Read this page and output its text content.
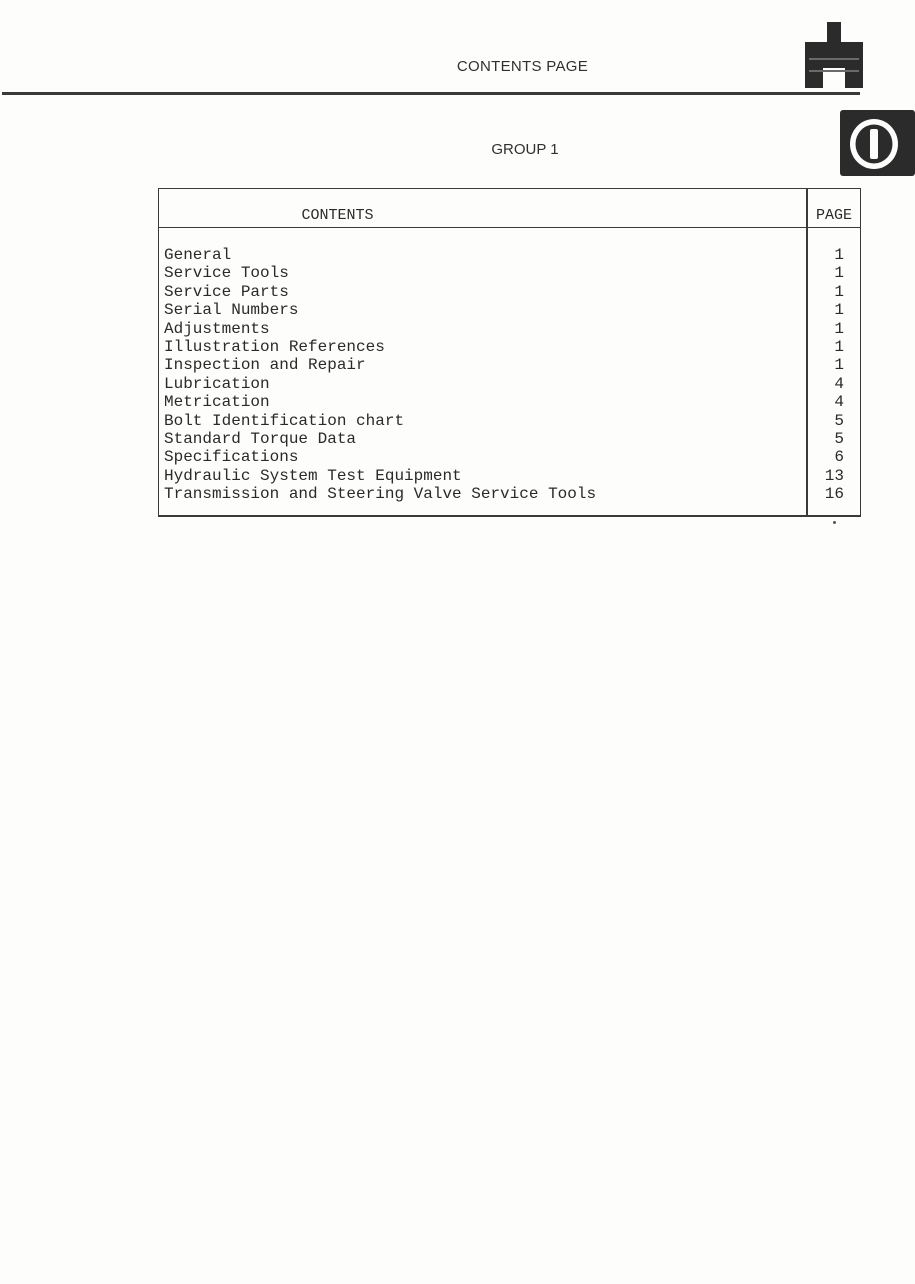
CONTENTS PAGE
GROUP 1
CONTENTS	PAGE
General
Service Tools
Service Parts
Serial Numbers
Adjustments
Illustration References
Inspection and Repair
Lubrication
Metrication
Bolt Identification chart
Standard Torque Data
Specifications
Hydraulic System Test Equipment
Transmission and Steering Valve Service Tools
1
1
1
1
1
1
1
4
4
5
5
6
13
16
